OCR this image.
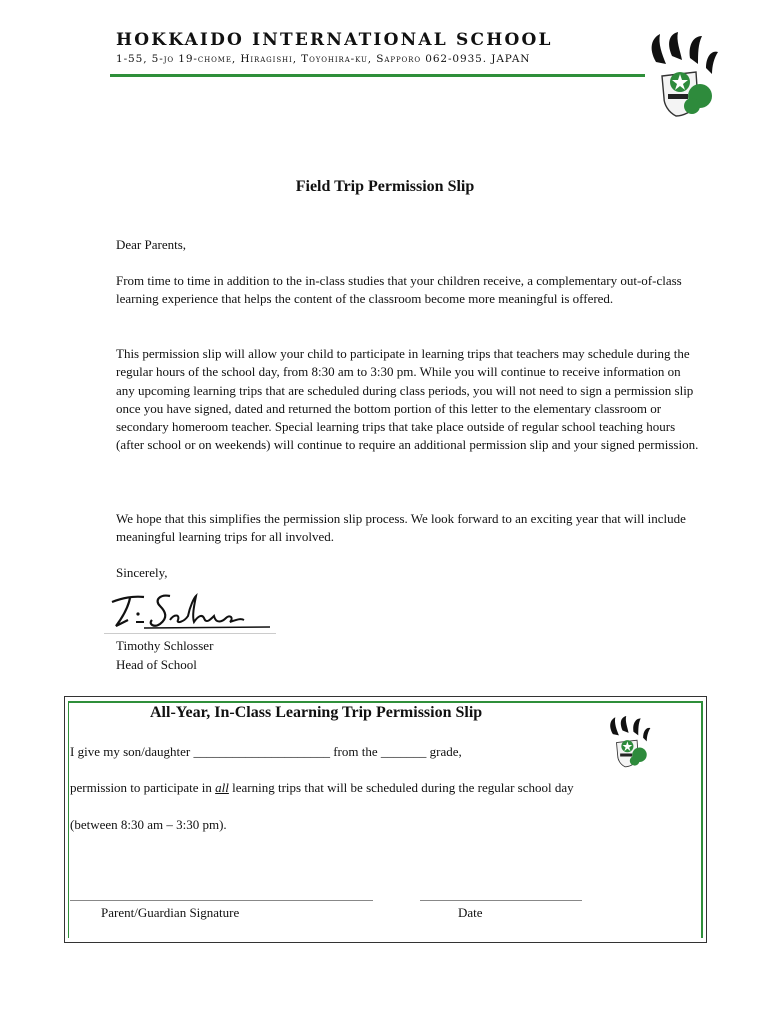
HOKKAIDO INTERNATIONAL SCHOOL
1-55, 5-jo 19-chome, Hiragishi, Toyohira-ku, Sapporo 062-0935. JAPAN
Field Trip Permission Slip
Dear Parents,
From time to time in addition to the in-class studies that your children receive, a complementary out-of-class learning experience that helps the content of the classroom become more meaningful is offered.
This permission slip will allow your child to participate in learning trips that teachers may schedule during the regular hours of the school day, from 8:30 am to 3:30 pm. While you will continue to receive information on any upcoming learning trips that are scheduled during class periods, you will not need to sign a permission slip once you have signed, dated and returned the bottom portion of this letter to the elementary classroom or secondary homeroom teacher. Special learning trips that take place outside of regular school teaching hours (after school or on weekends) will continue to require an additional permission slip and your signed permission.
We hope that this simplifies the permission slip process. We look forward to an exciting year that will include meaningful learning trips for all involved.
Sincerely,
Timothy Schlosser
Head of School
All-Year, In-Class Learning Trip Permission Slip
I give my son/daughter _____________________ from the _______ grade,
permission to participate in all learning trips that will be scheduled during the regular school day
(between 8:30 am – 3:30 pm).
Parent/Guardian Signature	Date
